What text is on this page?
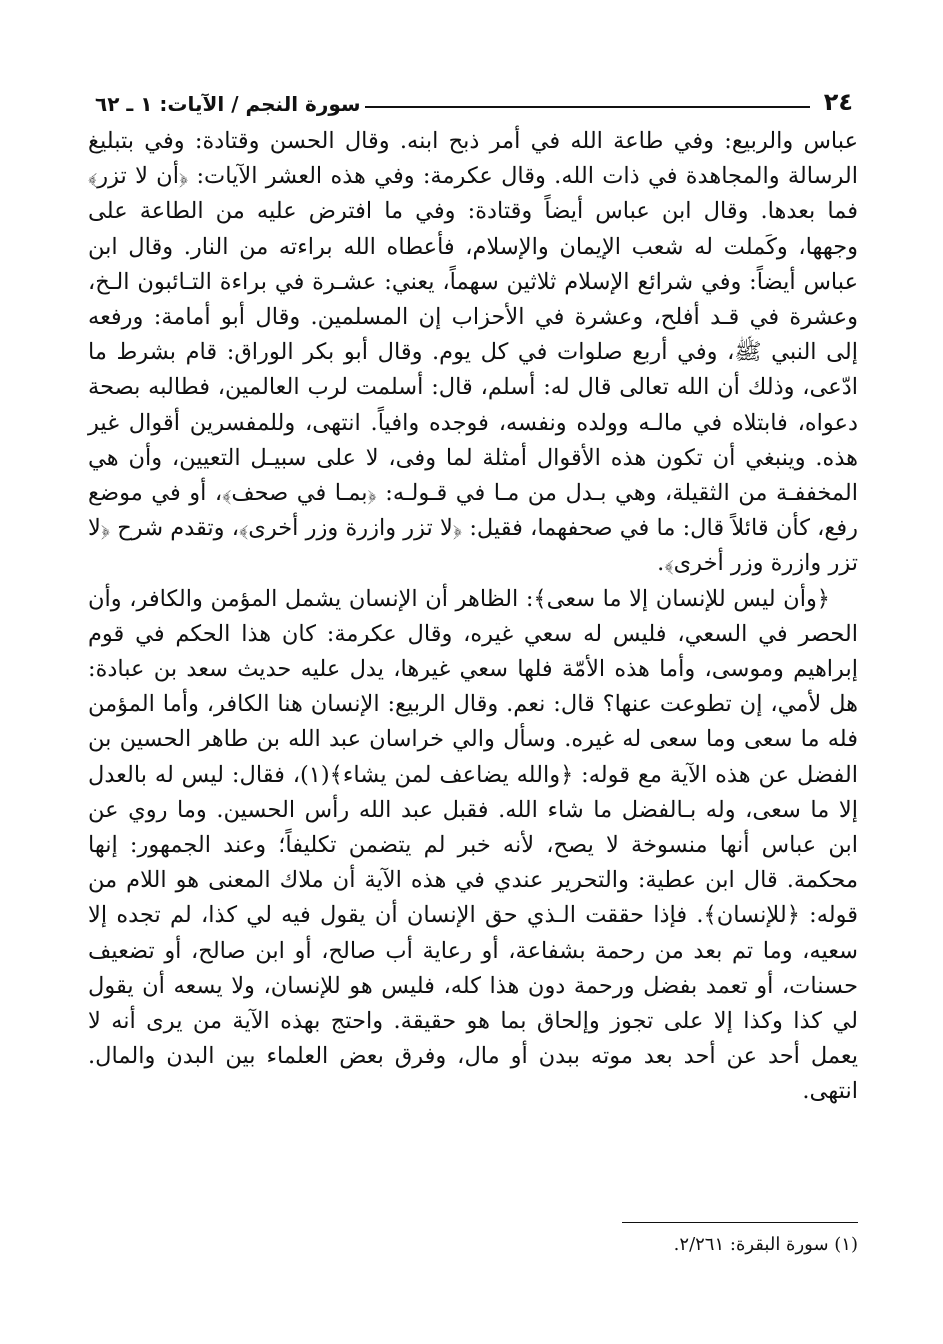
٢٤
سورة النجم / الآيات: ١ ـ ٦٢

عباس والربيع: وفي طاعة الله في أمر ذبح ابنه. وقال الحسن وقتادة: وفي بتبليغ الرسالة والمجاهدة في ذات الله. وقال عكرمة: وفي هذه العشر الآيات: ﴿أن لا تزر﴾ فما بعدها. وقال ابن عباس أيضاً وقتادة: وفي ما افترض عليه من الطاعة على وجهها، وكَملت له شعب الإيمان والإسلام، فأعطاه الله براءته من النار. وقال ابن عباس أيضاً: وفي شرائع الإسلام ثلاثين سهماً، يعني: عشـرة في براءة التـائبون الـخ، وعشرة في قـد أفلح، وعشرة في الأحزاب إن المسلمين. وقال أبو أمامة: ورفعه إلى النبي ﷺ، وفي أربع صلوات في كل يوم. وقال أبو بكر الوراق: قام بشرط ما ادّعى، وذلك أن الله تعالى قال له: أسلم، قال: أسلمت لرب العالمين، فطالبه بصحة دعواه، فابتلاه في مالـه وولده ونفسه، فوجده وافياً. انتهى، وللمفسرين أقوال غير هذه. وينبغي أن تكون هذه الأقوال أمثلة لما وفى، لا على سبيـل التعيين، وأن هي المخففـة من الثقيلة، وهي بـدل من مـا في قـولـه: ﴿بمـا في صحف﴾، أو في موضع رفع، كأن قائلاً قال: ما في صحفهما، فقيل: ﴿لا تزر وازرة وزر أخرى﴾، وتقدم شرح ﴿لا تزر وازرة وزر أخرى﴾.

﴿وأن ليس للإنسان إلا ما سعى﴾: الظاهر أن الإنسان يشمل المؤمن والكافر، وأن الحصر في السعي، فليس له سعي غيره، وقال عكرمة: كان هذا الحكم في قوم إبراهيم وموسى، وأما هذه الأمّة فلها سعي غيرها، يدل عليه حديث سعد بن عبادة: هل لأمي، إن تطوعت عنها؟ قال: نعم. وقال الربيع: الإنسان هنا الكافر، وأما المؤمن فله ما سعى وما سعى له غيره. وسأل والي خراسان عبد الله بن طاهر الحسين بن الفضل عن هذه الآية مع قوله: ﴿والله يضاعف لمن يشاء﴾(١)، فقال: ليس له بالعدل إلا ما سعى، وله بـالفضل ما شاء الله. فقبل عبد الله رأس الحسين. وما روي عن ابن عباس أنها منسوخة لا يصح، لأنه خبر لم يتضمن تكليفاً؛ وعند الجمهور: إنها محكمة. قال ابن عطية: والتحرير عندي في هذه الآية أن ملاك المعنى هو اللام من قوله: ﴿للإنسان﴾. فإذا حققت الـذي حق الإنسان أن يقول فيه لي كذا، لم تجده إلا سعيه، وما تم بعد من رحمة بشفاعة، أو رعاية أب صالح، أو ابن صالح، أو تضعيف حسنات، أو تعمد بفضل ورحمة دون هذا كله، فليس هو للإنسان، ولا يسعه أن يقول لي كذا وكذا إلا على تجوز وإلحاق بما هو حقيقة. واحتج بهذه الآية من يرى أنه لا يعمل أحد عن أحد بعد موته ببدن أو مال، وفرق بعض العلماء بين البدن والمال. انتهى.

(١) سورة البقرة: ٢/٢٦١.
